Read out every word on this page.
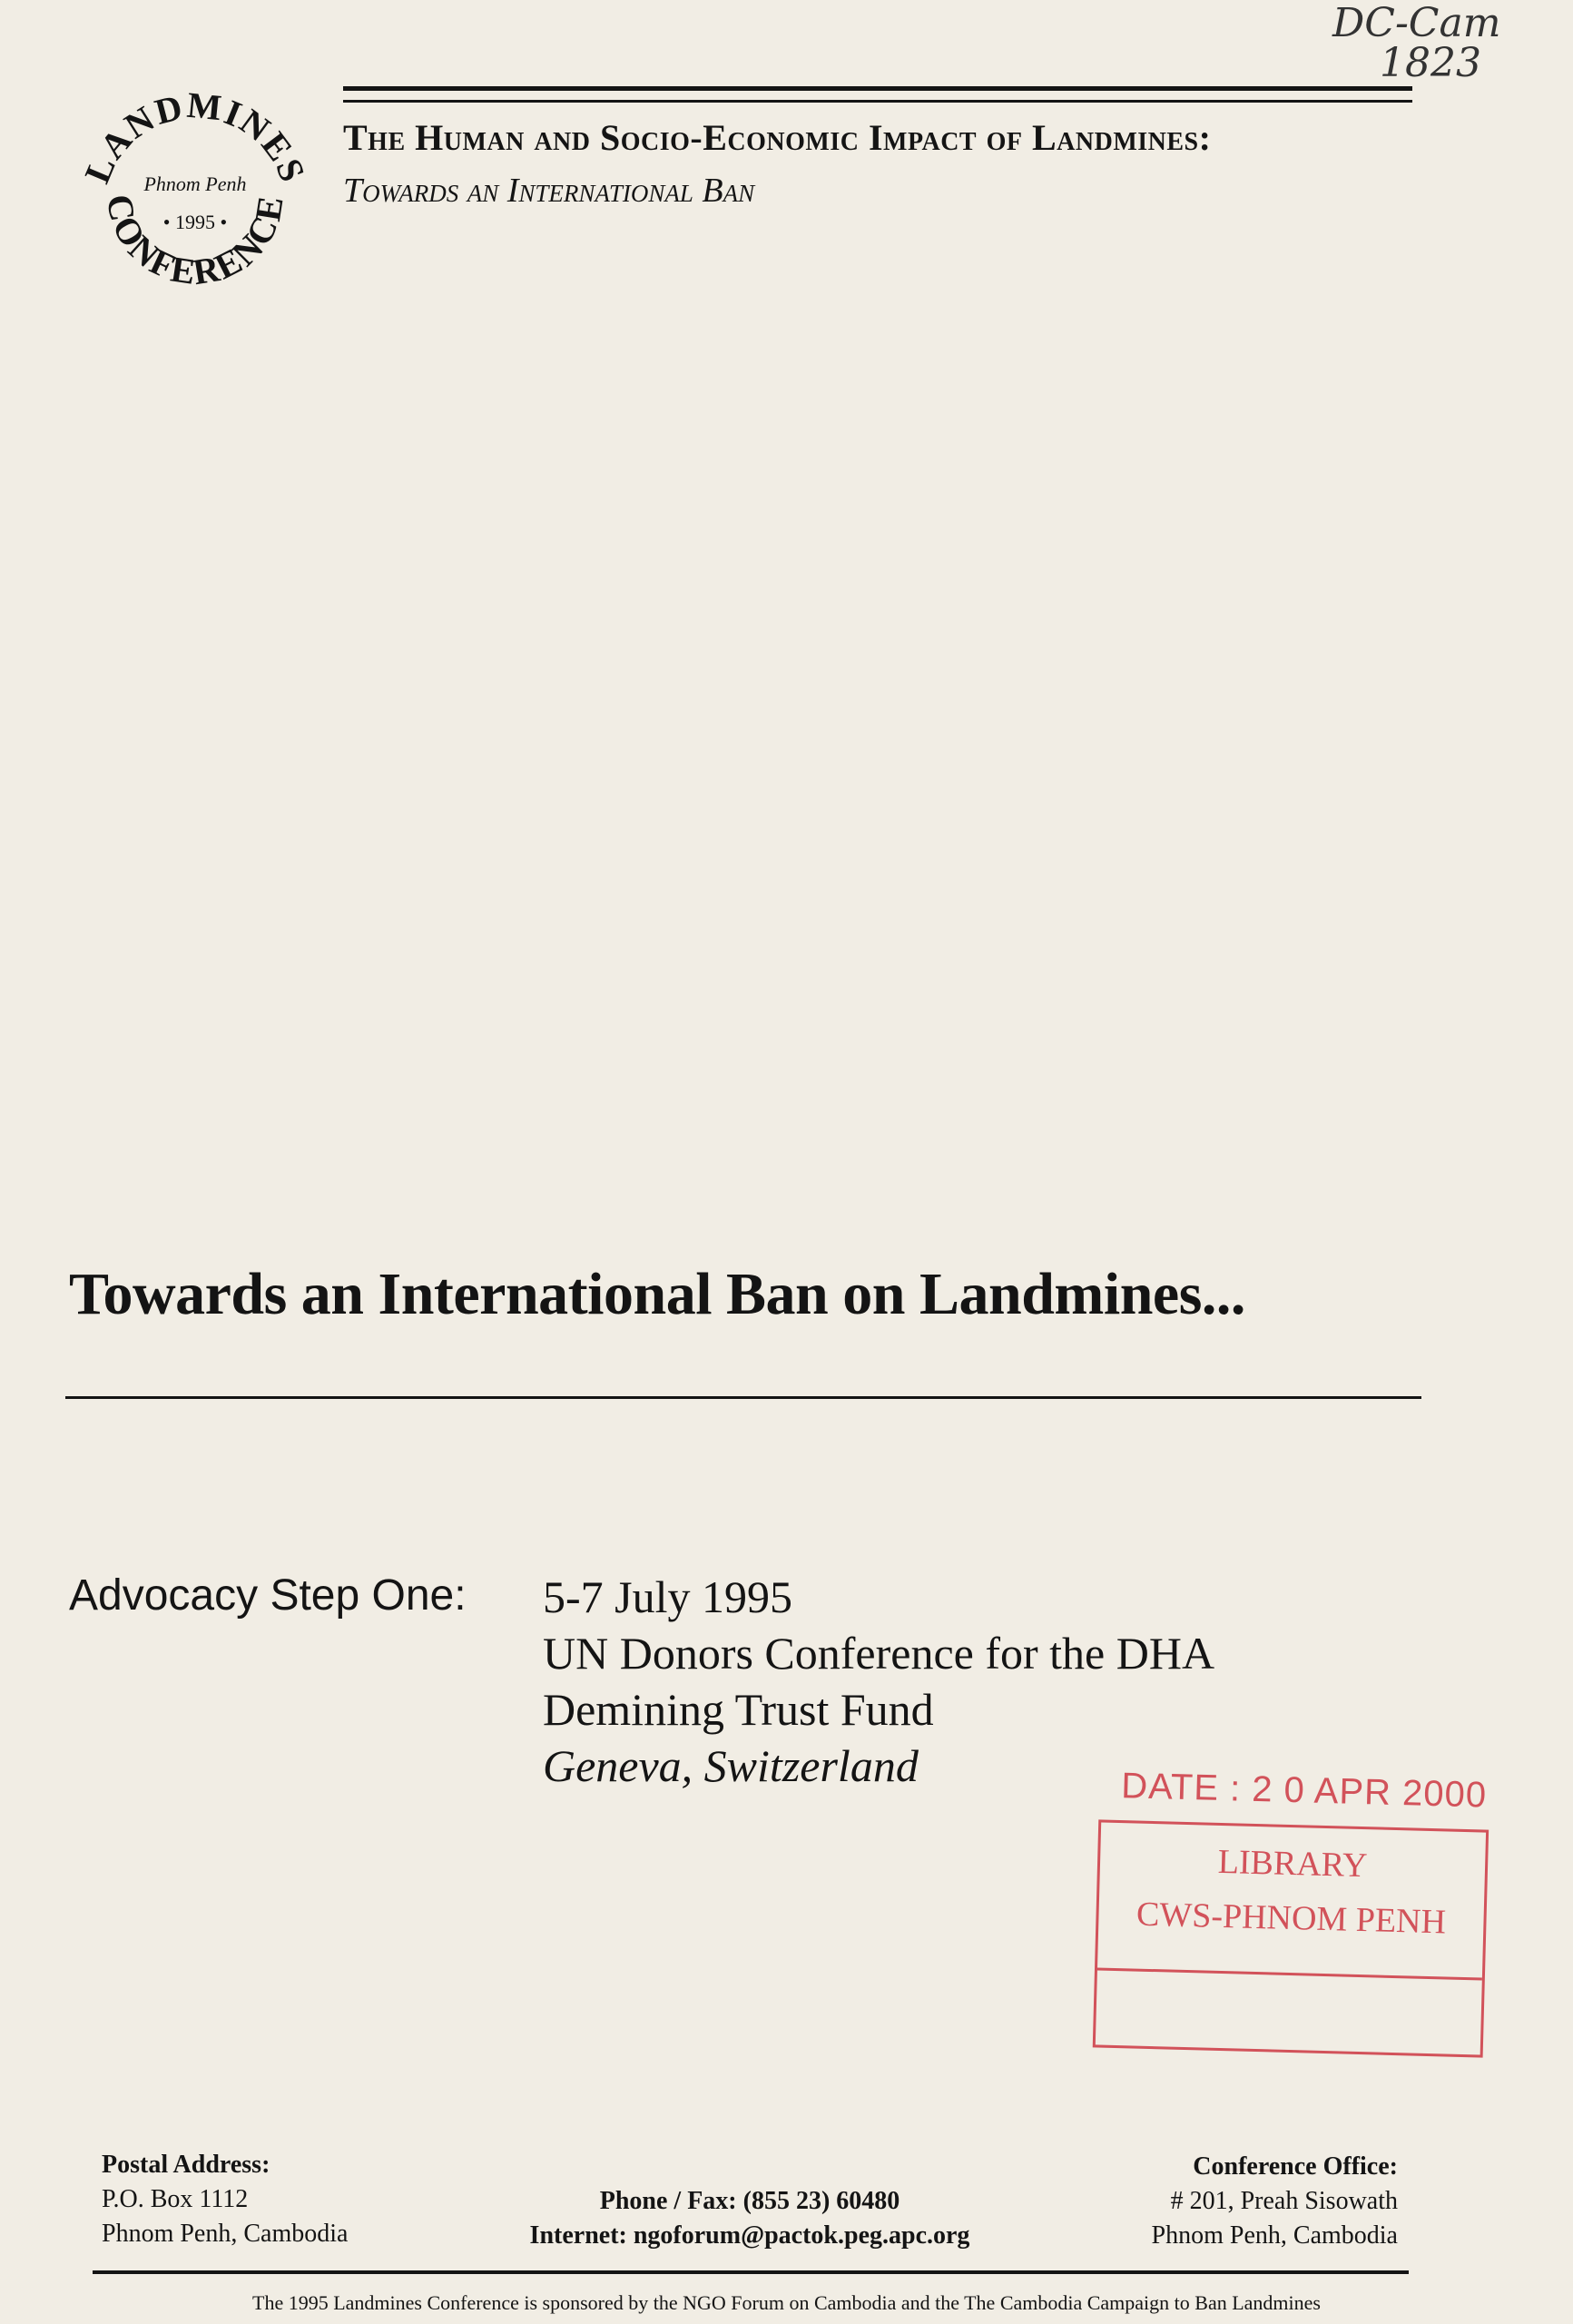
DC-Cam
1823
LANDMINES
CONFERENCE
Phnom Penh
• 1995 •
The Human and Socio-Economic Impact of Landmines:
Towards an International Ban
Towards an International Ban on Landmines...
Advocacy Step One: 5-7 July 1995
UN Donors Conference for the DHA
Demining Trust Fund
Geneva, Switzerland	DATE : 2 0 APR 2000
LIBRARY
CWS-PHNOM PENH
Postal Address:
P.O. Box 1112
Phnom Penh, Cambodia
Phone / Fax: (855 23) 60480
Internet: ngoforum@pactok.peg.apc.org
Conference Office:
# 201, Preah Sisowath
Phnom Penh, Cambodia
The 1995 Landmines Conference is sponsored by the NGO Forum on Cambodia and the The Cambodia Campaign to Ban Landmines
